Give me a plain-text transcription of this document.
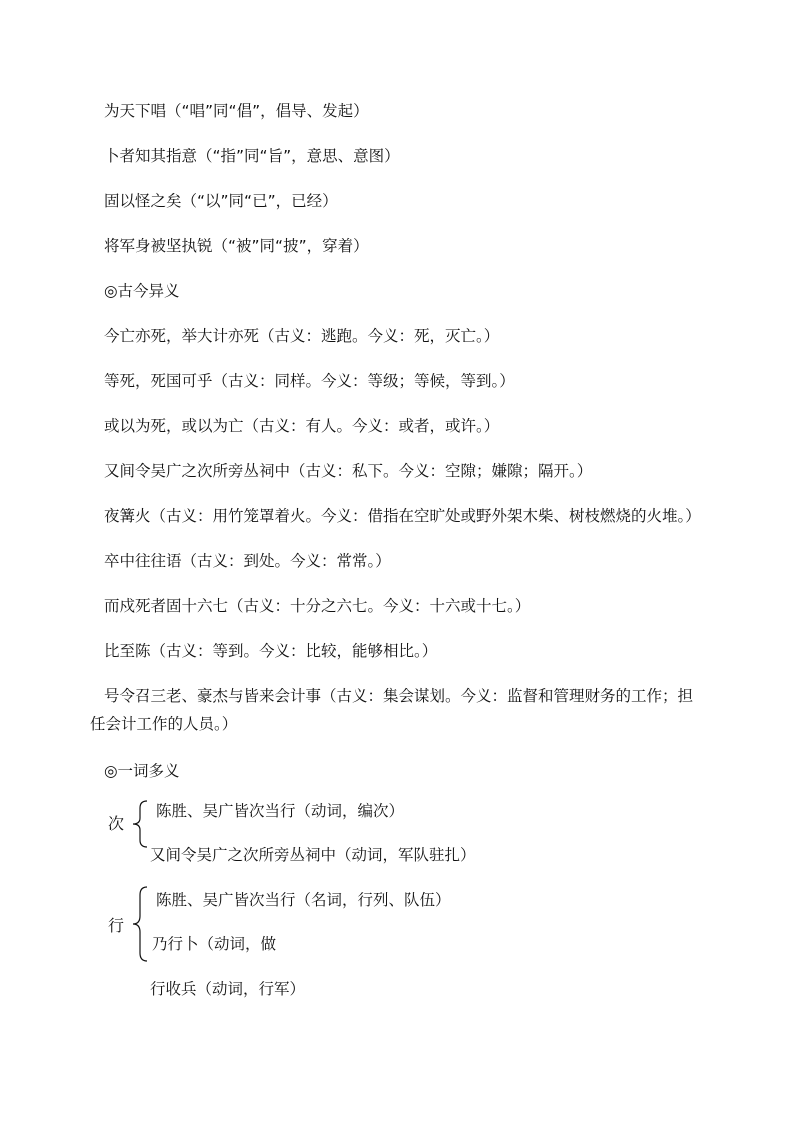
为天下唱（“唱”同“倡”，倡导、发起）
卜者知其指意（“指”同“旨”，意思、意图）
固以怪之矣（“以”同“已”，已经）
将军身被坚执锐（“被”同“披”，穿着）
◎古今异义
今亡亦死，举大计亦死（古义：逃跑。今义：死，灭亡。）
等死，死国可乎（古义：同样。今义：等级；等候，等到。）
或以为死，或以为亡（古义：有人。今义：或者，或许。）
又间令吴广之次所旁丛祠中（古义：私下。今义：空隙；嫌隙；隔开。）
夜篝火（古义：用竹笼罩着火。今义：借指在空旷处或野外架木柴、树枝燃烧的火堆。）
卒中往往语（古义：到处。今义：常常。）
而戍死者固十六七（古义：十分之六七。今义：十六或十七。）
比至陈（古义：等到。今义：比较，能够相比。）
号令召三老、豪杰与皆来会计事（古义：集会谋划。今义：监督和管理财务的工作；担
任会计工作的人员。）
◎一词多义
次
陈胜、吴广皆次当行（动词，编次）
又间令吴广之次所旁丛祠中（动词，军队驻扎）
行
陈胜、吴广皆次当行（名词，行列、队伍）
乃行卜（动词，做
行收兵（动词，行军）
